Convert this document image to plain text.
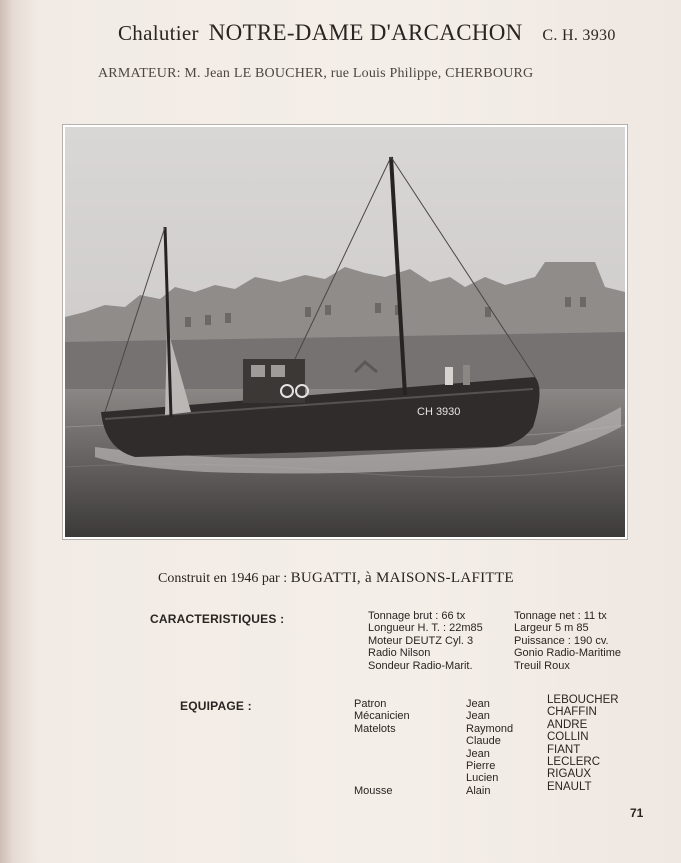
Chalutier NOTRE-DAME D'ARCACHON C. H. 3930
ARMATEUR: M. Jean LE BOUCHER, rue Louis Philippe, CHERBOURG
CH 3930
Construit en 1946 par : BUGATTI, à MAISONS-LAFITTE
CARACTERISTIQUES :	Tonnage brut : 66 tx
Longueur H. T. : 22m85
Moteur DEUTZ Cyl. 3
Radio Nilson
Sondeur Radio-Marit.
Tonnage net : 11 tx
Largeur 5 m 85
Puissance : 190 cv.
Gonio Radio-Maritime
Treuil Roux
EQUIPAGE :	Patron
Mécanicien
Matelots
Mousse
Jean
Jean
Raymond
Claude
Jean
Pierre
Lucien
Alain
LEBOUCHER
CHAFFIN
ANDRE
COLLIN
FIANT
LECLERC
RIGAUX
ENAULT
71
